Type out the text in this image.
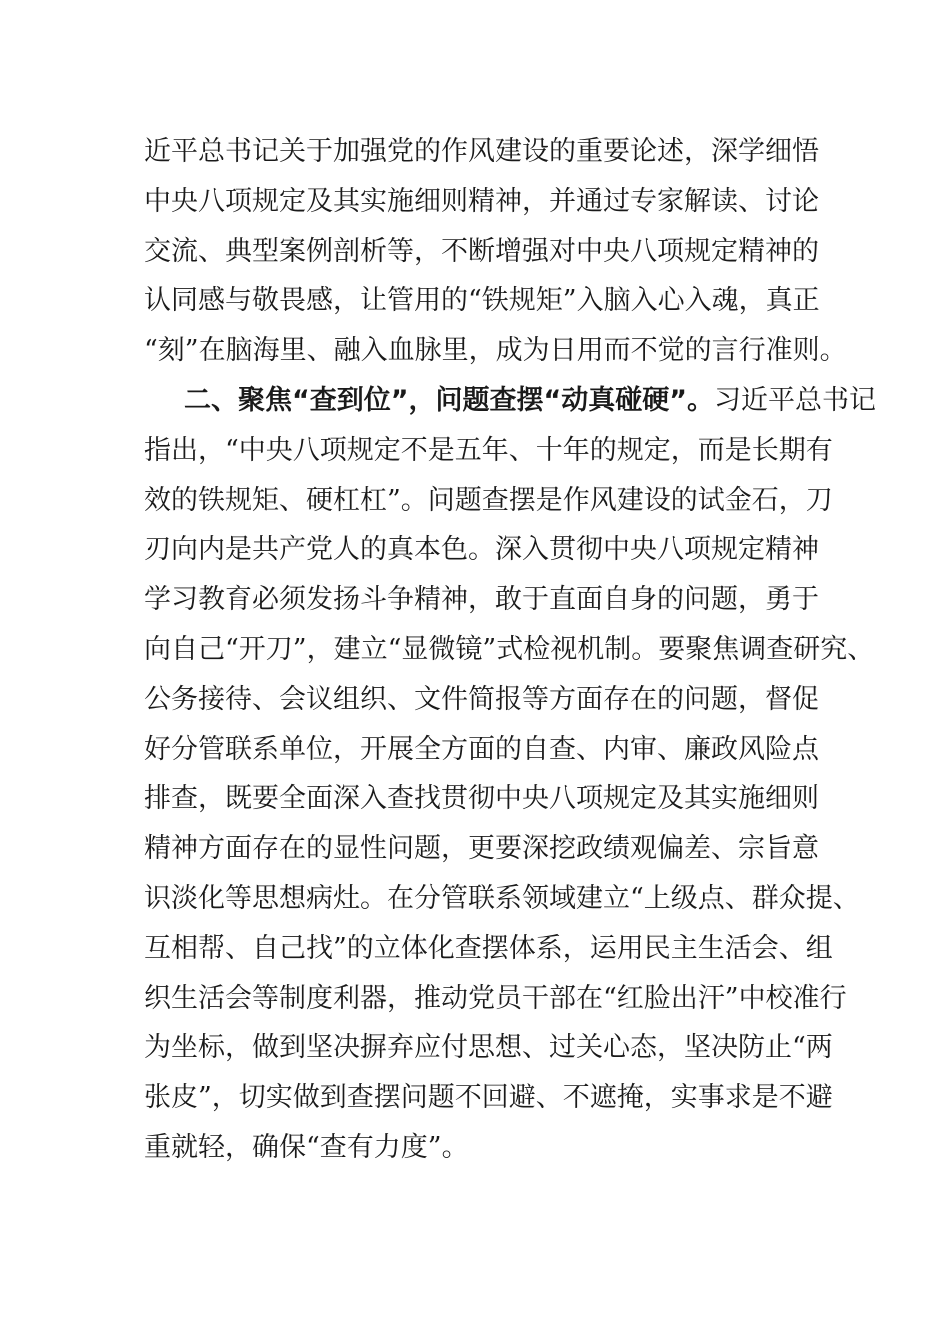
近平总书记关于加强党的作风建设的重要论述，深学细悟
中央八项规定及其实施细则精神，并通过专家解读、讨论
交流、典型案例剖析等，不断增强对中央八项规定精神的
认同感与敬畏感，让管用的“铁规矩”入脑入心入魂，真正
“刻”在脑海里、融入血脉里，成为日用而不觉的言行准则。
二、聚焦“查到位”，问题查摆“动真碰硬”。习近平总书记
指出，“中央八项规定不是五年、十年的规定，而是长期有
效的铁规矩、硬杠杠”。问题查摆是作风建设的试金石，刀
刃向内是共产党人的真本色。深入贯彻中央八项规定精神
学习教育必须发扬斗争精神，敢于直面自身的问题，勇于
向自己“开刀”，建立“显微镜”式检视机制。要聚焦调查研究、
公务接待、会议组织、文件简报等方面存在的问题，督促
好分管联系单位，开展全方面的自查、内审、廉政风险点
排查，既要全面深入查找贯彻中央八项规定及其实施细则
精神方面存在的显性问题，更要深挖政绩观偏差、宗旨意
识淡化等思想病灶。在分管联系领域建立“上级点、群众提、
互相帮、自己找”的立体化查摆体系，运用民主生活会、组
织生活会等制度利器，推动党员干部在“红脸出汗”中校准行
为坐标，做到坚决摒弃应付思想、过关心态，坚决防止“两
张皮”，切实做到查摆问题不回避、不遮掩，实事求是不避
重就轻，确保“查有力度”。
